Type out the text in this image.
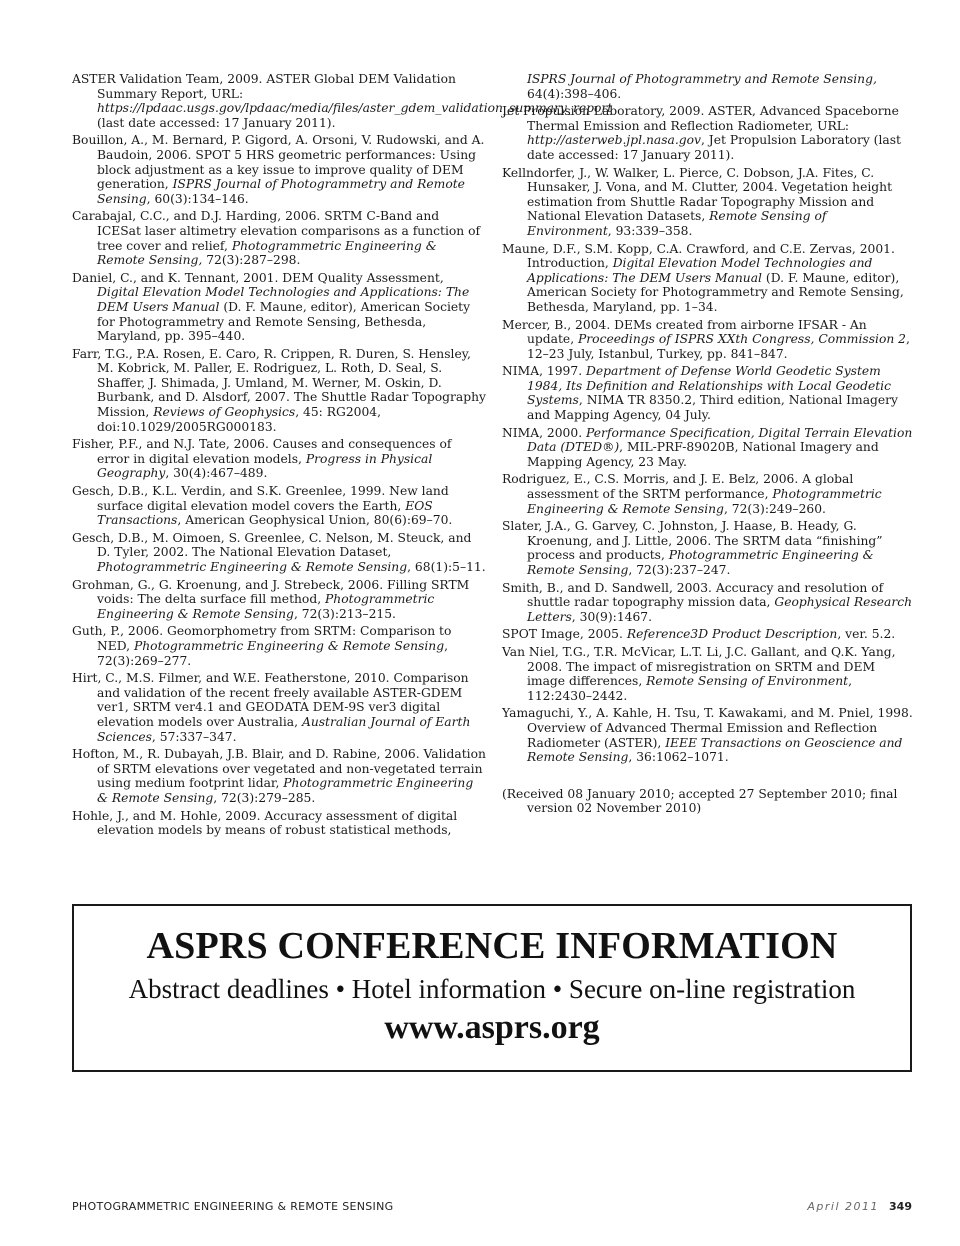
ASTER Validation Team, 2009. ASTER Global DEM Validation Summary Report, URL: https://lpdaac.usgs.gov/lpdaac/media/files/aster_gdem_validation_summary_report (last date accessed: 17 January 2011).
Bouillon, A., M. Bernard, P. Gigord, A. Orsoni, V. Rudowski, and A. Baudoin, 2006. SPOT 5 HRS geometric performances: Using block adjustment as a key issue to improve quality of DEM generation, ISPRS Journal of Photogrammetry and Remote Sensing, 60(3):134–146.
Carabajal, C.C., and D.J. Harding, 2006. SRTM C-Band and ICESat laser altimetry elevation comparisons as a function of tree cover and relief, Photogrammetric Engineering & Remote Sensing, 72(3):287–298.
Daniel, C., and K. Tennant, 2001. DEM Quality Assessment, Digital Elevation Model Technologies and Applications: The DEM Users Manual (D. F. Maune, editor), American Society for Photogrammetry and Remote Sensing, Bethesda, Maryland, pp. 395–440.
Farr, T.G., P.A. Rosen, E. Caro, R. Crippen, R. Duren, S. Hensley, M. Kobrick, M. Paller, E. Rodriguez, L. Roth, D. Seal, S. Shaffer, J. Shimada, J. Umland, M. Werner, M. Oskin, D. Burbank, and D. Alsdorf, 2007. The Shuttle Radar Topography Mission, Reviews of Geophysics, 45: RG2004, doi:10.1029/2005RG000183.
Fisher, P.F., and N.J. Tate, 2006. Causes and consequences of error in digital elevation models, Progress in Physical Geography, 30(4):467–489.
Gesch, D.B., K.L. Verdin, and S.K. Greenlee, 1999. New land surface digital elevation model covers the Earth, EOS Transactions, American Geophysical Union, 80(6):69–70.
Gesch, D.B., M. Oimoen, S. Greenlee, C. Nelson, M. Steuck, and D. Tyler, 2002. The National Elevation Dataset, Photogrammetric Engineering & Remote Sensing, 68(1):5–11.
Grohman, G., G. Kroenung, and J. Strebeck, 2006. Filling SRTM voids: The delta surface fill method, Photogrammetric Engineering & Remote Sensing, 72(3):213–215.
Guth, P., 2006. Geomorphometry from SRTM: Comparison to NED, Photogrammetric Engineering & Remote Sensing, 72(3):269–277.
Hirt, C., M.S. Filmer, and W.E. Featherstone, 2010. Comparison and validation of the recent freely available ASTER-GDEM ver1, SRTM ver4.1 and GEODATA DEM-9S ver3 digital elevation models over Australia, Australian Journal of Earth Sciences, 57:337–347.
Hofton, M., R. Dubayah, J.B. Blair, and D. Rabine, 2006. Validation of SRTM elevations over vegetated and non-vegetated terrain using medium footprint lidar, Photogrammetric Engineering & Remote Sensing, 72(3):279–285.
Hohle, J., and M. Hohle, 2009. Accuracy assessment of digital elevation models by means of robust statistical methods,
ISPRS Journal of Photogrammetry and Remote Sensing, 64(4):398–406.
Jet Propulsion Laboratory, 2009. ASTER, Advanced Spaceborne Thermal Emission and Reflection Radiometer, URL: http://asterweb.jpl.nasa.gov, Jet Propulsion Laboratory (last date accessed: 17 January 2011).
Kellndorfer, J., W. Walker, L. Pierce, C. Dobson, J.A. Fites, C. Hunsaker, J. Vona, and M. Clutter, 2004. Vegetation height estimation from Shuttle Radar Topography Mission and National Elevation Datasets, Remote Sensing of Environment, 93:339–358.
Maune, D.F., S.M. Kopp, C.A. Crawford, and C.E. Zervas, 2001. Introduction, Digital Elevation Model Technologies and Applications: The DEM Users Manual (D. F. Maune, editor), American Society for Photogrammetry and Remote Sensing, Bethesda, Maryland, pp. 1–34.
Mercer, B., 2004. DEMs created from airborne IFSAR - An update, Proceedings of ISPRS XXth Congress, Commission 2, 12–23 July, Istanbul, Turkey, pp. 841–847.
NIMA, 1997. Department of Defense World Geodetic System 1984, Its Definition and Relationships with Local Geodetic Systems, NIMA TR 8350.2, Third edition, National Imagery and Mapping Agency, 04 July.
NIMA, 2000. Performance Specification, Digital Terrain Elevation Data (DTED®), MIL-PRF-89020B, National Imagery and Mapping Agency, 23 May.
Rodriguez, E., C.S. Morris, and J. E. Belz, 2006. A global assessment of the SRTM performance, Photogrammetric Engineering & Remote Sensing, 72(3):249–260.
Slater, J.A., G. Garvey, C. Johnston, J. Haase, B. Heady, G. Kroenung, and J. Little, 2006. The SRTM data “finishing” process and products, Photogrammetric Engineering & Remote Sensing, 72(3):237–247.
Smith, B., and D. Sandwell, 2003. Accuracy and resolution of shuttle radar topography mission data, Geophysical Research Letters, 30(9):1467.
SPOT Image, 2005. Reference3D Product Description, ver. 5.2.
Van Niel, T.G., T.R. McVicar, L.T. Li, J.C. Gallant, and Q.K. Yang, 2008. The impact of misregistration on SRTM and DEM image differences, Remote Sensing of Environment, 112:2430–2442.
Yamaguchi, Y., A. Kahle, H. Tsu, T. Kawakami, and M. Pniel, 1998. Overview of Advanced Thermal Emission and Reflection Radiometer (ASTER), IEEE Transactions on Geoscience and Remote Sensing, 36:1062–1071.
(Received 08 January 2010; accepted 27 September 2010; final version 02 November 2010)
ASPRS CONFERENCE INFORMATION
Abstract deadlines • Hotel information • Secure on-line registration
www.asprs.org
PHOTOGRAMMETRIC ENGINEERING & REMOTE SENSING	April 2011 349
